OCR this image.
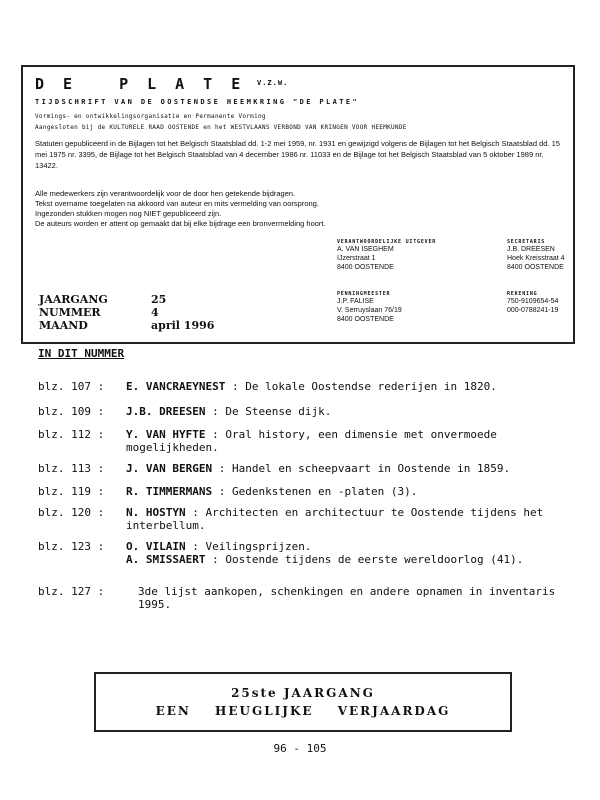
DE PLATE
V.Z.W.
TIJDSCHRIFT VAN DE OOSTENDSE HEEMKRING "DE PLATE"
Vormings- en ontwikkelingsorganisatie en Permanente Vorming
Aangesloten bij de KULTURELE RAAD OOSTENDE en het WESTVLAANS VERBOND VAN KRINGEN VOOR HEEMKUNDE
Statuten gepubliceerd in de Bijlagen tot het Belgisch Staatsblad dd. 1-2 mei 1959, nr. 1931 en gewijzigd volgens de Bijlagen tot het Belgisch Staatsblad dd. 15 mei 1975 nr. 3395, de Bijlage tot het Belgisch Staatsblad van 4 december 1986 nr. 11033 en de Bijlage tot het Belgisch Staatsblad van 5 oktober 1989 nr. 13422.
Alle medewerkers zijn verantwoordelijk voor de door hen getekende bijdragen.
Tekst overname toegelaten na akkoord van auteur en mits vermelding van oorsprong.
Ingezonden stukken mogen nog NIET gepubliceerd zijn.
De auteurs worden er attent op gemaakt dat bij elke bijdrage een bronvermelding hoort.
VERANTWOORDELIJKE UITGEVER
A. VAN ISEGHEM
IJzerstraat 1
8400 OOSTENDE
SECRETARIS
J.B. DREESEN
Hoek Kreisstraat 4
8400 OOSTENDE
PENNINGMEESTER
J.P. FALISE
V. Serruyslaan 76/19
8400 OOSTENDE
REKENING
750-9109654-54
000-0788241-19
JAARGANG	25
NUMMER	4
MAAND	april 1996
IN DIT NUMMER
blz. 107 : E. VANCRAEYNEST : De lokale Oostendse rederijen in 1820.
blz. 109 : J.B. DREESEN : De Steense dijk.
blz. 112 : Y. VAN HYFTE : Oral history, een dimensie met onvermoede mogelijkheden.
blz. 113 : J. VAN BERGEN : Handel en scheepvaart in Oostende in 1859.
blz. 119 : R. TIMMERMANS : Gedenkstenen en -platen (3).
blz. 120 : N. HOSTYN : Architecten en architectuur te Oostende tijdens het interbellum.
blz. 123 : O. VILAIN : Veilingsprijzen.
A. SMISSAERT : Oostende tijdens de eerste wereldoorlog (41).
blz. 127 :	3de lijst aankopen, schenkingen en andere opnamen in inventaris 1995.
25ste JAARGANG
EEN HEUGLIJKE VERJAARDAG
96 - 105
